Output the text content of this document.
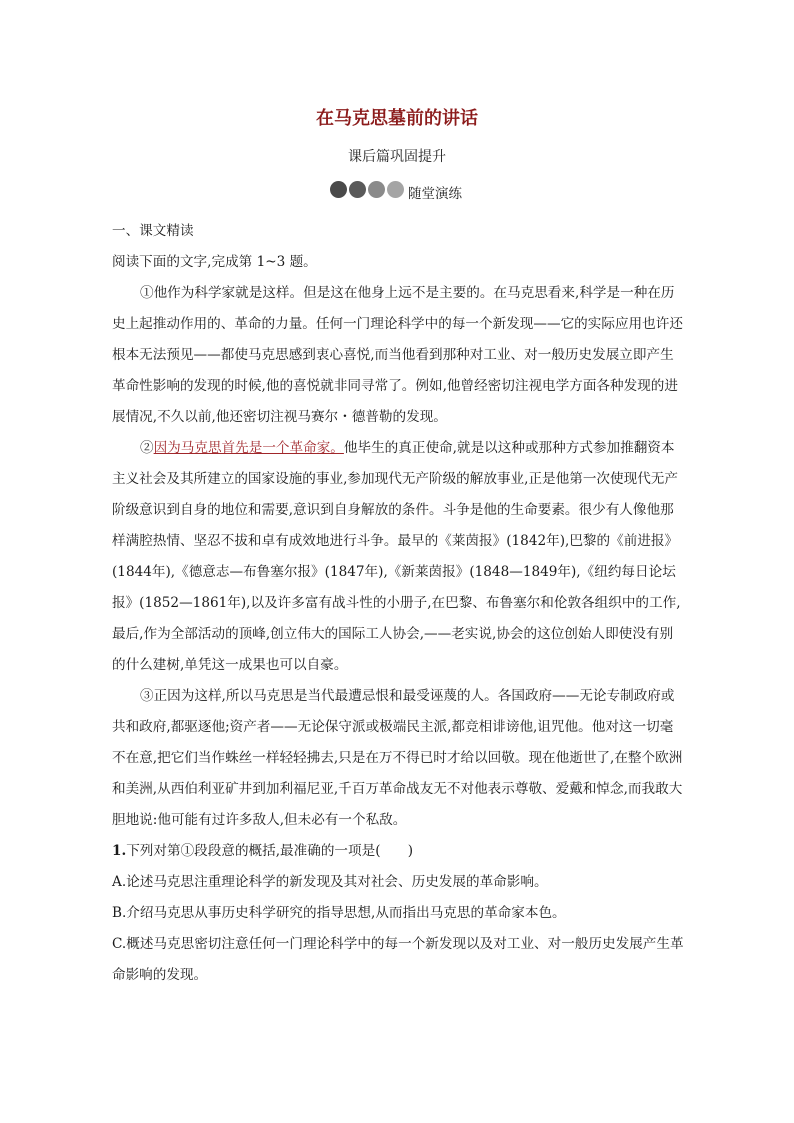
在马克思墓前的讲话
课后篇巩固提升
随堂演练

一、课文精读

阅读下面的文字,完成第 1~3 题。

①他作为科学家就是这样。但是这在他身上远不是主要的。在马克思看来,科学是一种在历史上起推动作用的、革命的力量。任何一门理论科学中的每一个新发现——它的实际应用也许还根本无法预见——都使马克思感到衷心喜悦,而当他看到那种对工业、对一般历史发展立即产生革命性影响的发现的时候,他的喜悦就非同寻常了。例如,他曾经密切注视电学方面各种发现的进展情况,不久以前,他还密切注视马赛尔・德普勒的发现。

②因为马克思首先是一个革命家。他毕生的真正使命,就是以这种或那种方式参加推翻资本主义社会及其所建立的国家设施的事业,参加现代无产阶级的解放事业,正是他第一次使现代无产阶级意识到自身的地位和需要,意识到自身解放的条件。斗争是他的生命要素。很少有人像他那样满腔热情、坚忍不拔和卓有成效地进行斗争。最早的《莱茵报》(1842年),巴黎的《前进报》(1844年),《德意志—布鲁塞尔报》(1847年),《新莱茵报》(1848—1849年),《纽约每日论坛报》(1852—1861年),以及许多富有战斗性的小册子,在巴黎、布鲁塞尔和伦敦各组织中的工作,最后,作为全部活动的顶峰,创立伟大的国际工人协会,——老实说,协会的这位创始人即使没有别的什么建树,单凭这一成果也可以自豪。

③正因为这样,所以马克思是当代最遭忌恨和最受诬蔑的人。各国政府——无论专制政府或共和政府,都驱逐他;资产者——无论保守派或极端民主派,都竞相诽谤他,诅咒他。他对这一切毫不在意,把它们当作蛛丝一样轻轻拂去,只是在万不得已时才给以回敬。现在他逝世了,在整个欧洲和美洲,从西伯利亚矿井到加利福尼亚,千百万革命战友无不对他表示尊敬、爱戴和悼念,而我敢大胆地说:他可能有过许多敌人,但未必有一个私敌。

1.下列对第①段段意的概括,最准确的一项是(　　)

A.论述马克思注重理论科学的新发现及其对社会、历史发展的革命影响。

B.介绍马克思从事历史科学研究的指导思想,从而指出马克思的革命家本色。

C.概述马克思密切注意任何一门理论科学中的每一个新发现以及对工业、对一般历史发展产生革命影响的发现。
